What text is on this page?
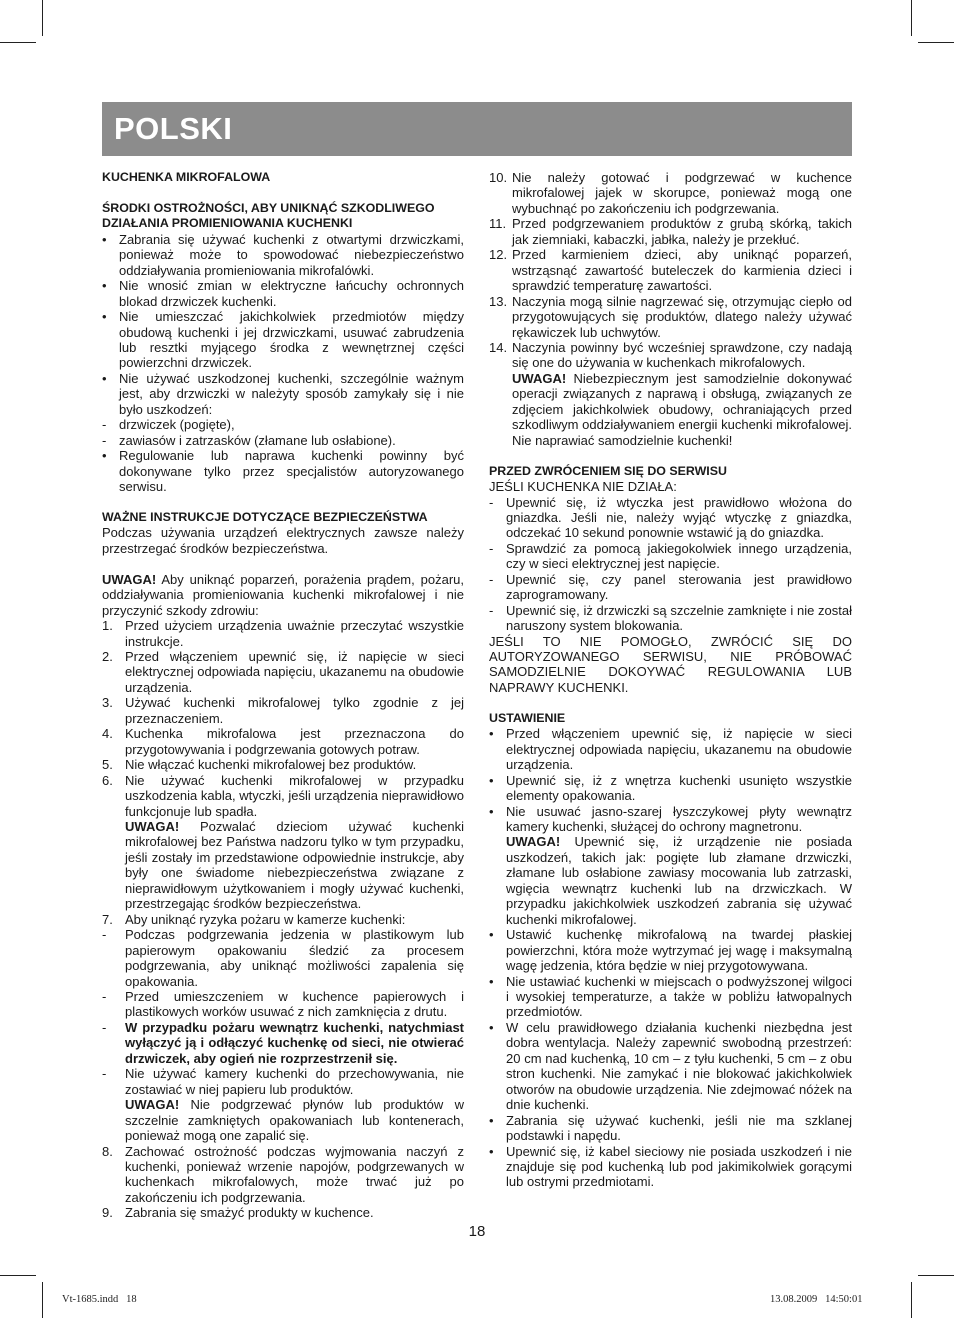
POLSKI

KUCHENKA MIKROFALOWA

ŚRODKI OSTROŻNOŚCI, ABY UNIKNĄĆ SZKODLIWEGO

DZIAŁANIA PROMIENIOWANIA KUCHENKI

• Zabrania się używać kuchenki z otwartymi drzwiczkami, ponieważ może to spowodować niebezpieczeństwo oddziaływania promieniowania mikrofalówki.
• Nie wnosić zmian w elektryczne łańcuchy ochronnych blokad drzwiczek kuchenki.
• Nie umieszczać jakichkolwiek przedmiotów między obudową kuchenki i jej drzwiczkami, usuwać zabrudzenia lub resztki myjącego środka z wewnętrznej części powierzchni drzwiczek.
• Nie używać uszkodzonej kuchenki, szczególnie ważnym jest, aby drzwiczki w należyty sposób zamykały się i nie było uszkodzeń:
- drzwiczek (pogięte),
- zawiasów i zatrzasków (złamane lub osłabione).
• Regulowanie lub naprawa kuchenki powinny być dokonywane tylko przez specjalistów autoryzowanego serwisu.

WAŻNE INSTRUKCJE DOTYCZĄCE BEZPIECZEŃSTWA

Podczas używania urządzeń elektrycznych zawsze należy przestrzegać środków bezpieczeństwa.

UWAGA! Aby uniknąć poparzeń, porażenia prądem, pożaru, oddziaływania promieniowania kuchenki mikrofalowej i nie przyczynić szkody zdrowiu:

1. Przed użyciem urządzenia uważnie przeczytać wszystkie instrukcje.
2. Przed włączeniem upewnić się, iż napięcie w sieci elektrycznej odpowiada napięciu, ukazanemu na obudowie urządzenia.
3. Używać kuchenki mikrofalowej tylko zgodnie z jej przeznaczeniem.
4. Kuchenka mikrofalowa jest przeznaczona do przygotowywania i podgrzewania gotowych potraw.
5. Nie włączać kuchenki mikrofalowej bez produktów.
6. Nie używać kuchenki mikrofalowej w przypadku uszkodzenia kabla, wtyczki, jeśli urządzenia nieprawidłowo funkcjonuje lub spadła.

UWAGA! Pozwalać dzieciom używać kuchenki mikrofalowej bez Państwa nadzoru tylko w tym przypadku, jeśli zostały im przedstawione odpowiednie instrukcje, aby były one świadome niebezpieczeństwa związane z nieprawidłowym użytkowaniem i mogły używać kuchenki, przestrzegając środków bezpieczeństwa.

7. Aby uniknąć ryzyka pożaru w kamerze kuchenki:
-	Podczas podgrzewania jedzenia w plastikowym lub papierowym opakowaniu śledzić za procesem podgrzewania, aby uniknąć możliwości zapalenia się opakowania.
-	Przed umieszczeniem w kuchence papierowych i plastikowych worków usuwać z nich zamknięcia z drutu.
-	W przypadku pożaru wewnątrz kuchenki, natychmiast wyłączyć ją i odłączyć kuchenkę od sieci, nie otwierać drzwiczek, aby ogień nie rozprzestrzenił się.
-	Nie używać kamery kuchenki do przechowywania, nie zostawiać w niej papieru lub produktów.

UWAGA! Nie podgrzewać płynów lub produktów w szczelnie zamkniętych opakowaniach lub kontenerach, ponieważ mogą one zapalić się.

8. Zachować ostrożność podczas wyjmowania naczyń z kuchenki, ponieważ wrzenie napojów, podgrzewanych w kuchenkach mikrofalowych, może trwać już po zakończeniu ich podgrzewania.
9. Zabrania się smażyć produkty w kuchence.
10. Nie należy gotować i podgrzewać w kuchence mikrofalowej jajek w skorupce, ponieważ mogą one wybuchnąć po zakończeniu ich podgrzewania.
11. Przed podgrzewaniem produktów z grubą skórką, takich jak ziemniaki, kabaczki, jabłka, należy je przekłuć.
12. Przed karmieniem dzieci, aby uniknąć poparzeń, wstrząsnąć zawartość buteleczek do karmienia dzieci i sprawdzić temperaturę zawartości.
13. Naczynia mogą silnie nagrzewać się, otrzymując ciepło od przygotowujących się produktów, dlatego należy używać rękawiczek lub uchwytów.
14. Naczynia powinny być wcześniej sprawdzone, czy nadają się one do używania w kuchenkach mikrofalowych.

UWAGA! Niebezpiecznym jest samodzielnie dokonywać operacji związanych z naprawą i obsługą, związanych ze zdjęciem jakichkolwiek obudowy, ochraniających przed szkodliwym oddziaływaniem energii kuchenki mikrofalowej. Nie naprawiać samodzielnie kuchenki!

PRZED ZWRÓCENIEM SIĘ DO SERWISU

JEŚLI KUCHENKA NIE DZIAŁA:

- Upewnić się, iż wtyczka jest prawidłowo włożona do gniazdka. Jeśli nie, należy wyjąć wtyczkę z gniazdka, odczekać 10 sekund ponownie wstawić ją do gniazdka.
- Sprawdzić za pomocą jakiegokolwiek innego urządzenia, czy w sieci elektrycznej jest napięcie.
- Upewnić się, czy panel sterowania jest prawidłowo zaprogramowany.
- Upewnić się, iż drzwiczki są szczelnie zamknięte i nie został naruszony system blokowania.

JEŚLI TO NIE POMOGŁO, ZWRÓCIĆ SIĘ DO AUTORYZOWANEGO SERWISU, NIE PRÓBOWAĆ SAMODZIELNIE DOKOYWAĆ REGULOWANIA LUB NAPRAWY KUCHENKI.

USTAWIENIE

• Przed włączeniem upewnić się, iż napięcie w sieci elektrycznej odpowiada napięciu, ukazanemu na obudowie urządzenia.
• Upewnić się, iż z wnętrza kuchenki usunięto wszystkie elementy opakowania.
• Nie usuwać jasno-szarej łyszczykowej płyty wewnątrz kamery kuchenki, służącej do ochrony magnetronu.

UWAGA! Upewnić się, iż urządzenie nie posiada uszkodzeń, takich jak: pogięte lub złamane drzwiczki, złamane lub osłabione zawiasy mocowania lub zatrzaski, wgięcia wewnątrz kuchenki lub na drzwiczkach. W przypadku jakichkolwiek uszkodzeń zabrania się używać kuchenki mikrofalowej.

• Ustawić kuchenkę mikrofalową na twardej płaskiej powierzchni, która może wytrzymać jej wagę i maksymalną wagę jedzenia, która będzie w niej przygotowywana.
• Nie ustawiać kuchenki w miejscach o podwyższonej wilgoci i wysokiej temperaturze, a także w pobliżu łatwopalnych przedmiotów.
• W celu prawidłowego działania kuchenki niezbędna jest dobra wentylacja. Należy zapewnić swobodną przestrzeń: 20 cm nad kuchenką, 10 cm – z tyłu kuchenki, 5 cm – z obu stron kuchenki. Nie zamykać i nie blokować jakichkolwiek otworów na obudowie urządzenia. Nie zdejmować nóżek na dnie kuchenki.
• Zabrania się używać kuchenki, jeśli nie ma szklanej podstawki i napędu.
• Upewnić się, iż kabel sieciowy nie posiada uszkodzeń i nie znajduje się pod kuchenką lub pod jakimikolwiek gorącymi lub ostrymi przedmiotami.
18
Vt-1685.indd   18	13.08.2009   14:50:01
